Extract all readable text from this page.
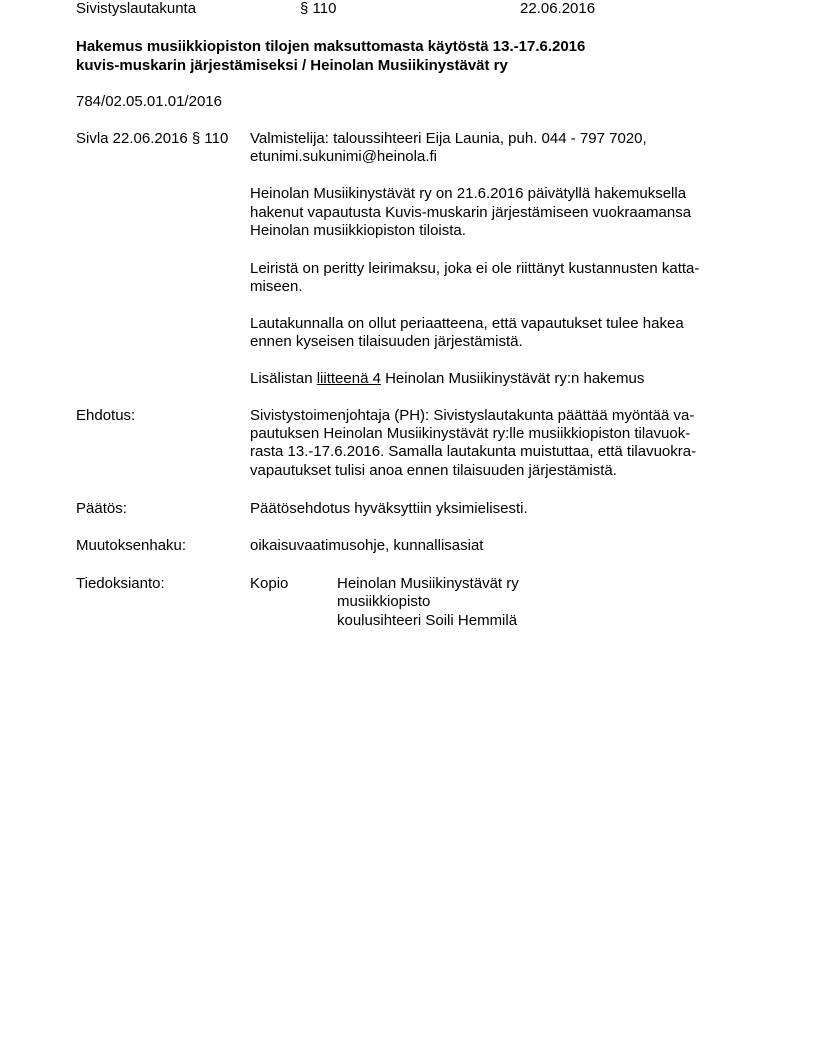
Sivistyslautakunta	§ 110	22.06.2016
Hakemus musiikkiopiston tilojen maksuttomasta käytöstä 13.-17.6.2016
kuvis-muskarin järjestämiseksi / Heinolan Musiikinystävät ry
784/02.05.01.01/2016
Sivla 22.06.2016 § 110 Valmistelija: taloussihteeri Eija Launia, puh. 044 - 797 7020,
etunimi.sukunimi@heinola.fi
Heinolan Musiikinystävät ry on 21.6.2016 päivätyllä hakemuksella
hakenut vapautusta Kuvis-muskarin järjestämiseen vuokraamansa
Heinolan musiikkiopiston tiloista.
Leiristä on peritty leirimaksu, joka ei ole riittänyt kustannusten katta-
miseen.
Lautakunnalla on ollut periaatteena, että vapautukset tulee hakea
ennen kyseisen tilaisuuden järjestämistä.
Lisälistan liitteenä 4 Heinolan Musiikinystävät ry:n hakemus
Ehdotus:	Sivistystoimenjohtaja (PH): Sivistyslautakunta päättää myöntää va-
pautuksen Heinolan Musiikinystävät ry:lle musiikkiopiston tilavuok-
rasta 13.-17.6.2016. Samalla lautakunta muistuttaa, että tilavuokra-
vapautukset tulisi anoa ennen tilaisuuden järjestämistä.
Päätös:	Päätösehdotus hyväksyttiin yksimielisesti.
Muutoksenhaku:	oikaisuvaatimusohje, kunnallisasiat
Tiedoksianto:	Kopio	Heinolan Musiikinystävät ry
musiikkiopisto
koulusihteeri Soili Hemmilä
